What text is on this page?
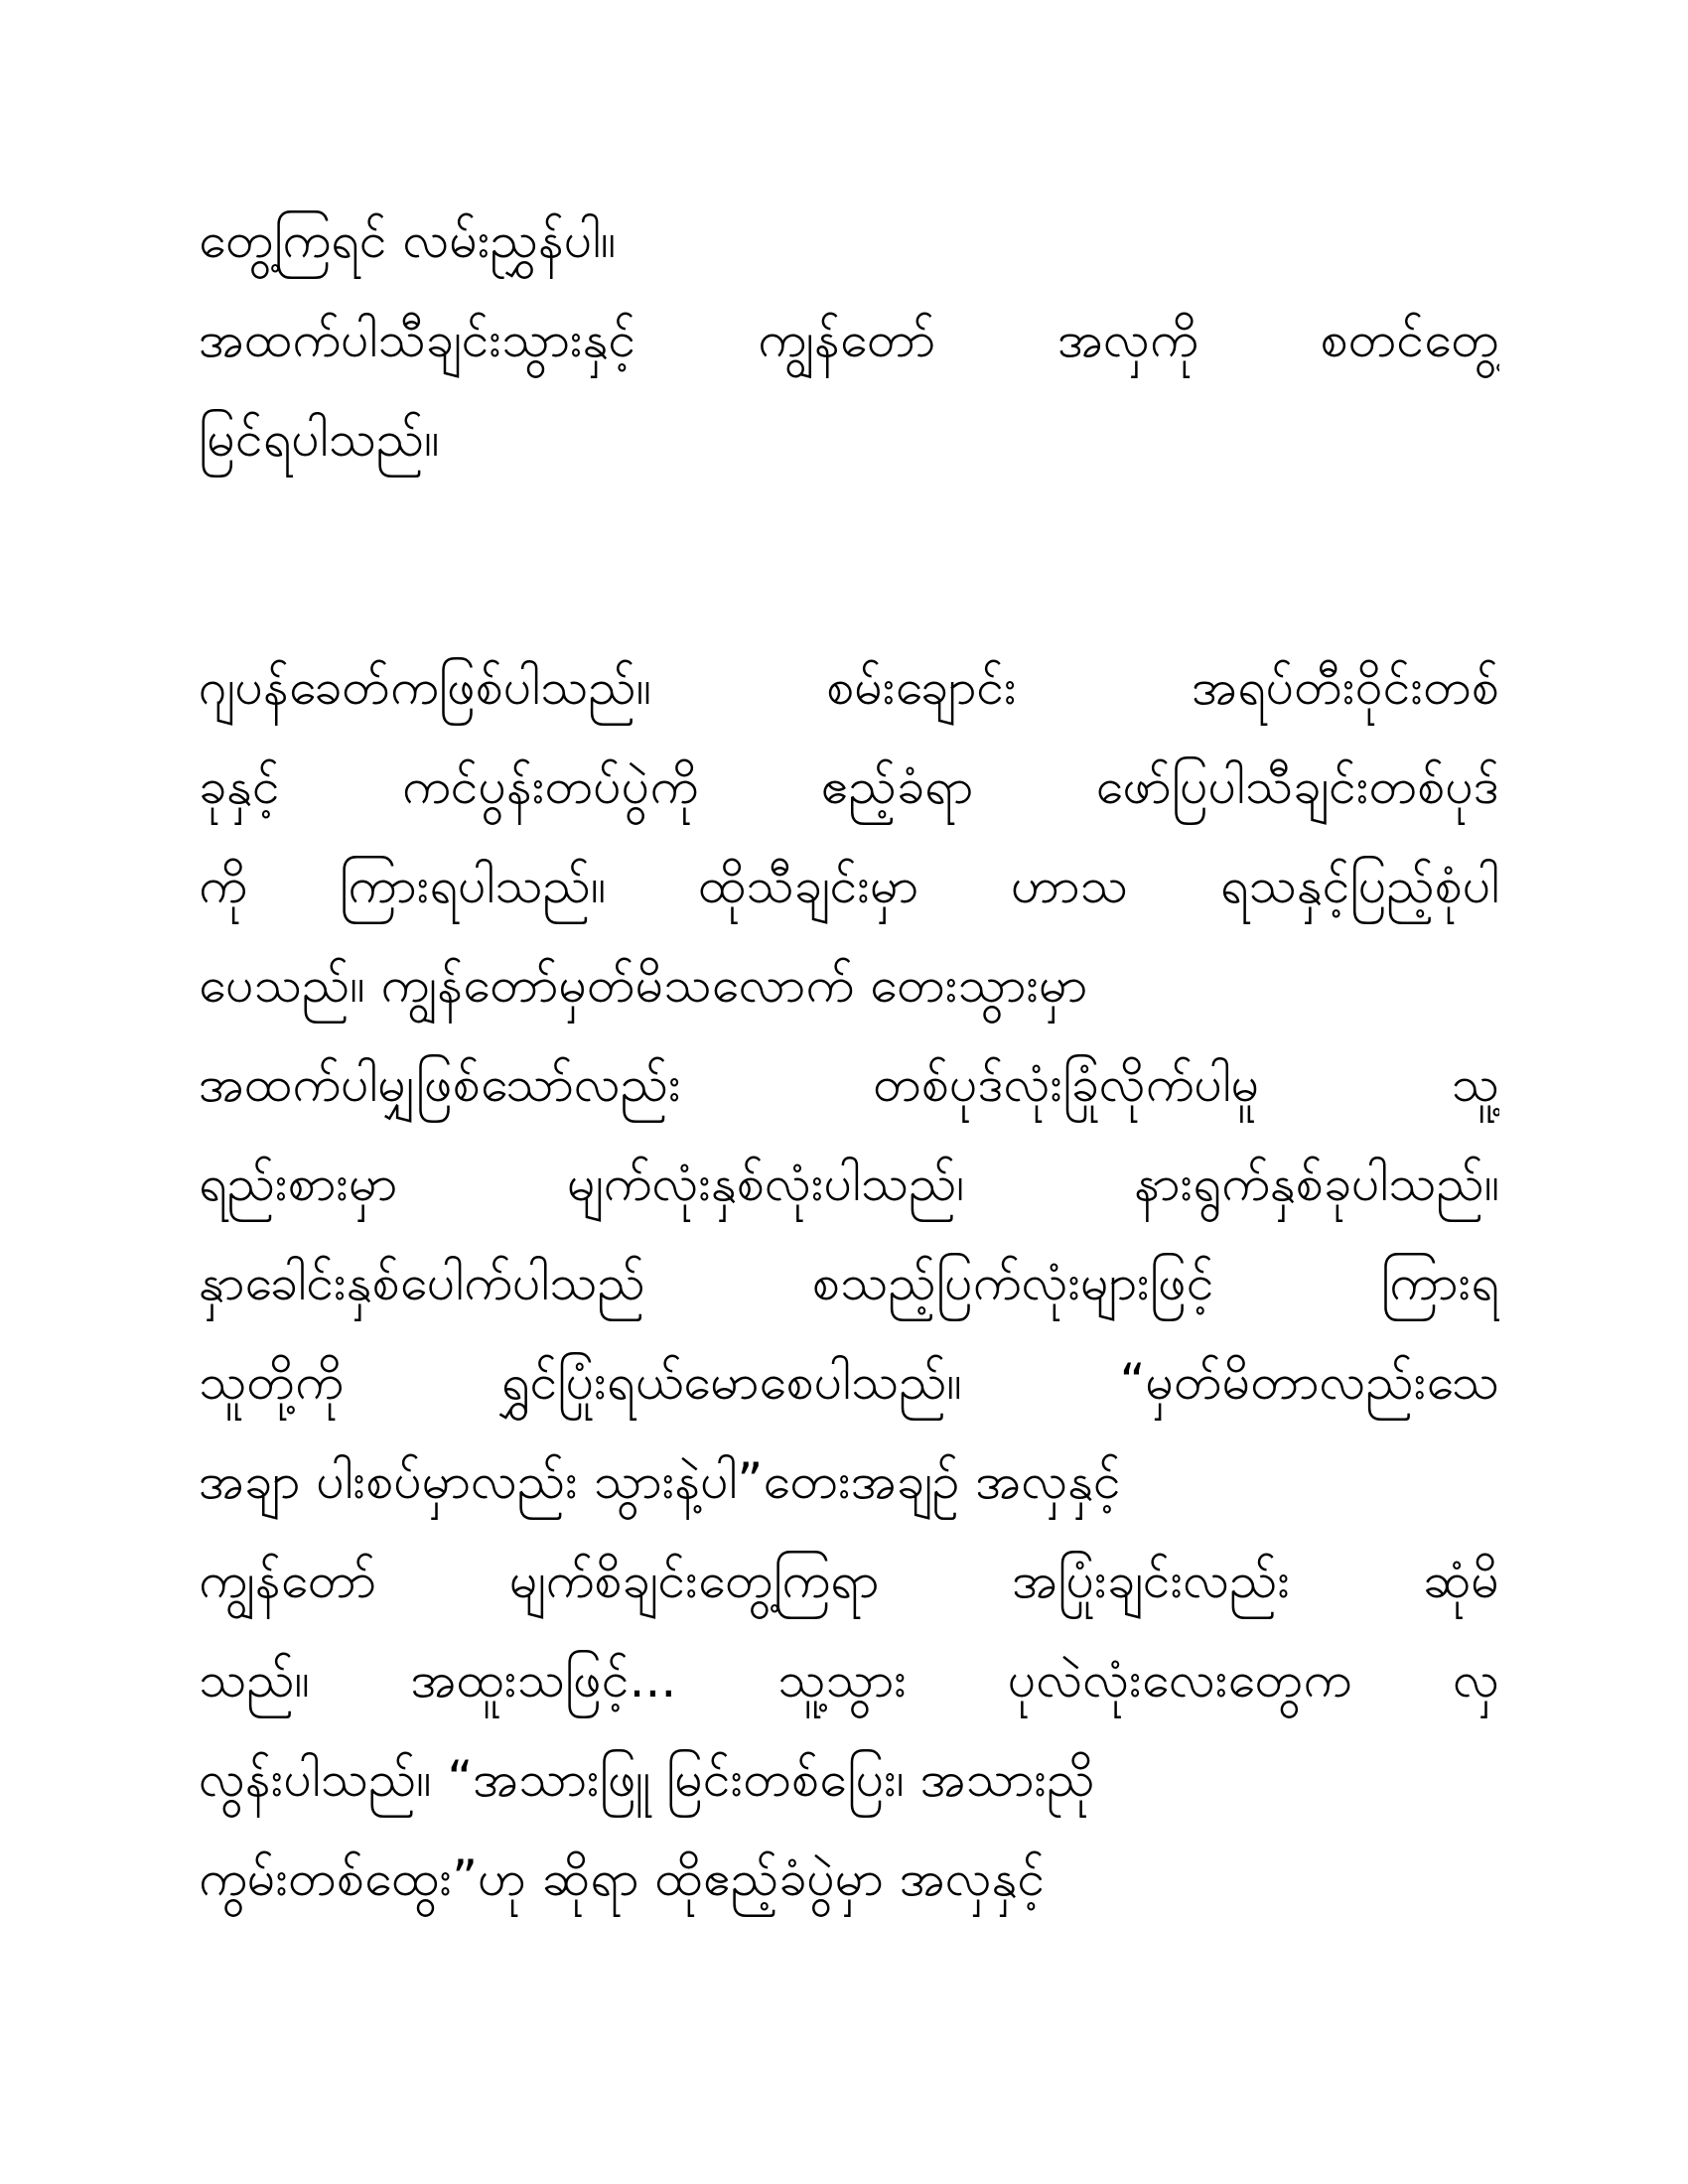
တွေ့ကြရင် လမ်းညွှန်ပါ။
အထက်ပါသီချင်းသွားနှင့် ကျွန်တော် အလှကို စတင်တွေ့
မြင်ရပါသည်။
ဂျပန်ခေတ်ကဖြစ်ပါသည်။ စမ်းချောင်း အရပ်တီးဝိုင်းတစ်
ခုနှင့် ကင်ပွန်းတပ်ပွဲကို ဧည့်ခံရာ ဖော်ပြပါသီချင်းတစ်ပုဒ်
ကို ကြားရပါသည်။ ထိုသီချင်းမှာ ဟာသ ရသနှင့်ပြည့်စုံပါ
ပေသည်။ ကျွန်တော်မှတ်မိသလောက် တေးသွားမှာ
အထက်ပါမျှဖြစ်သော်လည်း တစ်ပုဒ်လုံးခြုံလိုက်ပါမူ သူ့
ရည်းစားမှာ မျက်လုံးနှစ်လုံးပါသည်၊ နားရွက်နှစ်ခုပါသည်။
နှာခေါင်းနှစ်ပေါက်ပါသည် စသည့်ပြက်လုံးများဖြင့် ကြားရ
သူတို့ကို ရွှင်ပြုံးရယ်မောစေပါသည်။ “မှတ်မိတာလည်းသေ
အချာ ပါးစပ်မှာလည်း သွားနဲ့ပါ”တေးအချဉ် အလှနှင့်
ကျွန်တော် မျက်စိချင်းတွေ့ကြရာ အပြုံးချင်းလည်း ဆုံမိ
သည်။ အထူးသဖြင့်... သူ့သွား ပုလဲလုံးလေးတွေက လှ
လွန်းပါသည်။ “အသားဖြူ မြင်းတစ်ပြေး၊ အသားညို
ကွမ်းတစ်ထွေး”ဟု ဆိုရာ ထိုဧည့်ခံပွဲမှာ အလှနှင့်
